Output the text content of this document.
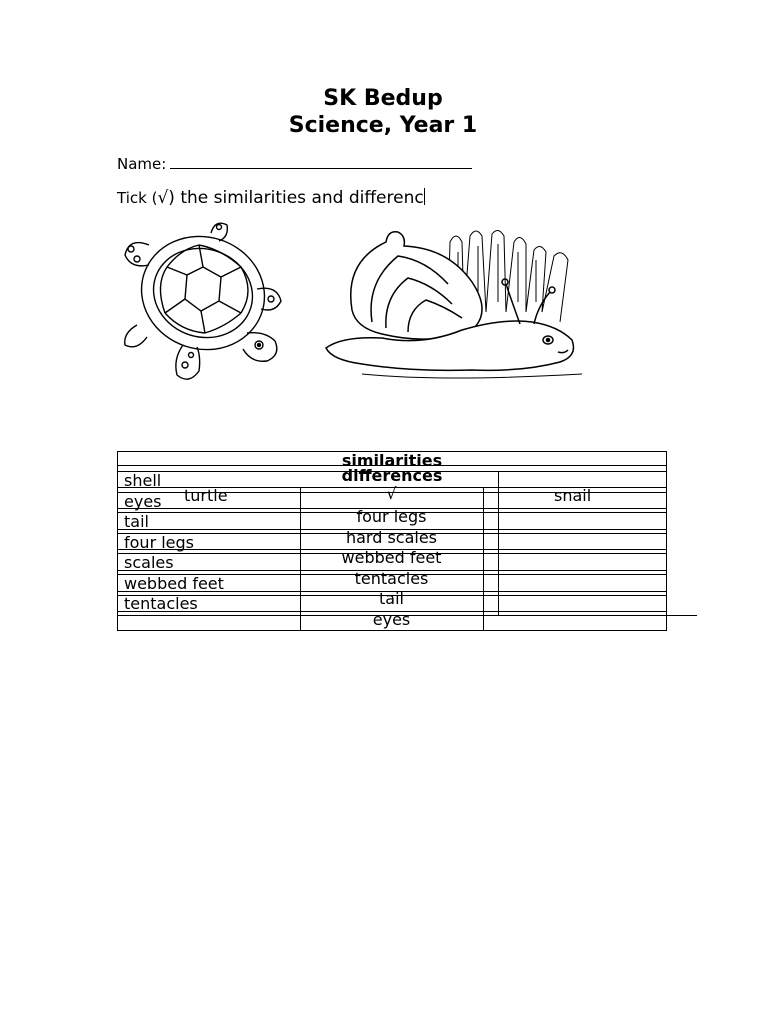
SK Bedup
Science, Year 1
Name:
Tick (√) the similarities and differenc
similarities
differences
turtle	√	snail
shell
eyes
tail
four legs
scales
webbed feet
tentacles
four legs
hard scales
webbed feet
tentacles
tail
eyes
